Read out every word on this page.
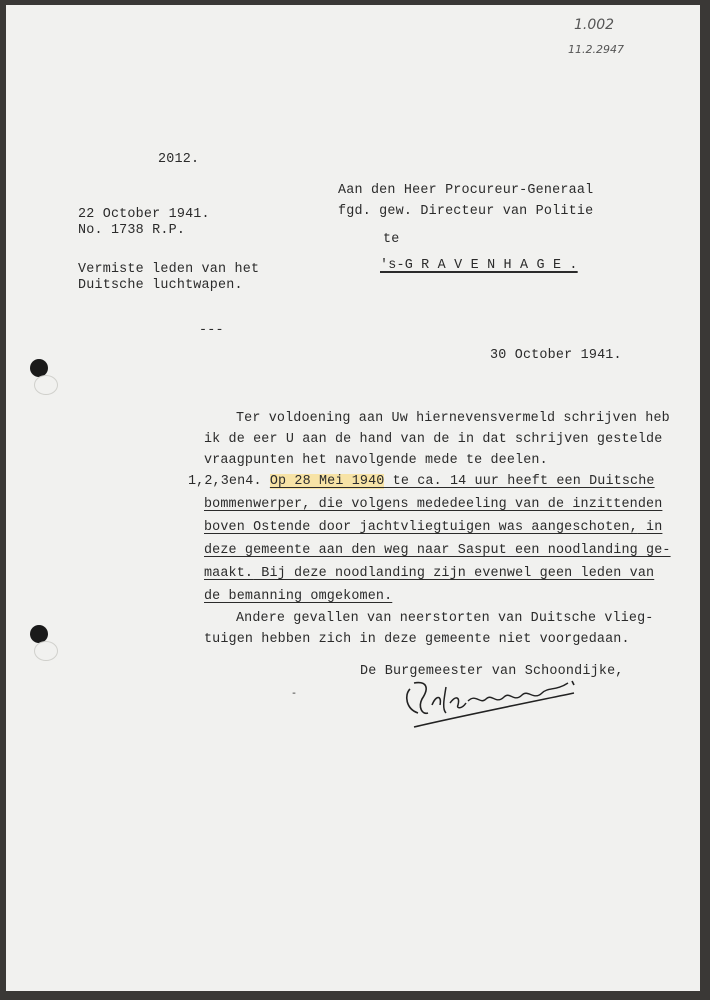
1.002
11.2.2947
2012.
22 October 1941.
No. 1738 R.P.
Vermiste leden van het
Duitsche luchtwapen.
---
Aan den Heer Procureur-Generaal
fgd. gew. Directeur van Politie
te
's-G R A V E N H A G E .
30 October 1941.
Ter voldoening aan Uw hiernevensvermeld schrijven heb
ik de eer U aan de hand van de in dat schrijven gestelde
vraagpunten het navolgende mede te deelen.
1,2,3en4. Op 28 Mei 1940 te ca. 14 uur heeft een Duitsche
bommenwerper, die volgens mededeeling van de inzittenden
boven Ostende door jachtvliegtuigen was aangeschoten, in
deze gemeente aan den weg naar Sasput een noodlanding ge-
maakt. Bij deze noodlanding zijn evenwel geen leden van
de bemanning omgekomen.
Andere gevallen van neerstorten van Duitsche vlieg-
tuigen hebben zich in deze gemeente niet voorgedaan.
De Burgemeester van Schoondijke,
-
